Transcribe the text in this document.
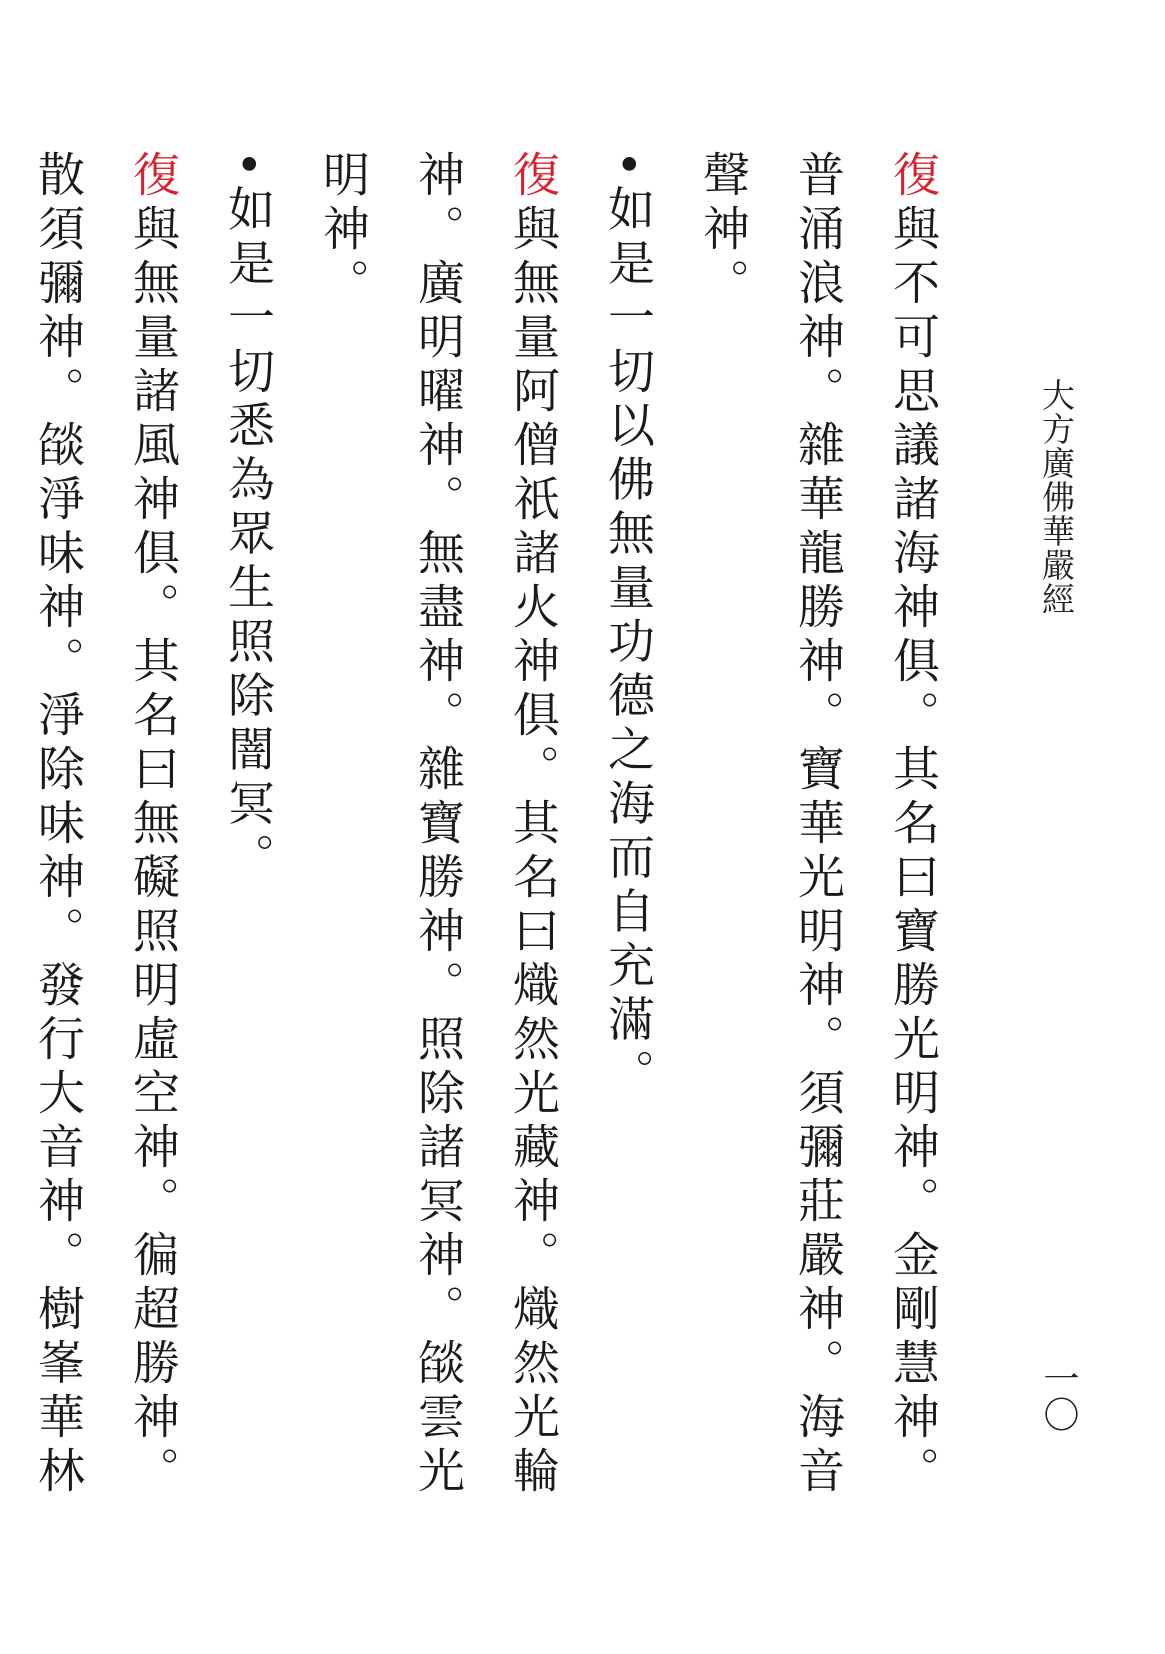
大方廣佛華嚴經
一〇

復與不可思議諸海神俱。其名曰寶勝光明神。金剛慧神。普涌浪神。雜華龍勝神。寶華光明神。須彌莊嚴神。海音聲神。

•如是一切以佛無量功德之海而自充滿。

復與無量阿僧祇諸火神俱。其名曰熾然光藏神。熾然光輪神。廣明曜神。無盡神。雜寶勝神。照除諸冥神。燄雲光明神。

•如是一切悉為眾生照除闇冥。

復與無量諸風神俱。其名曰無礙照明虛空神。徧超勝神。散須彌神。燄淨味神。淨除味神。發行大音神。樹峯華林
